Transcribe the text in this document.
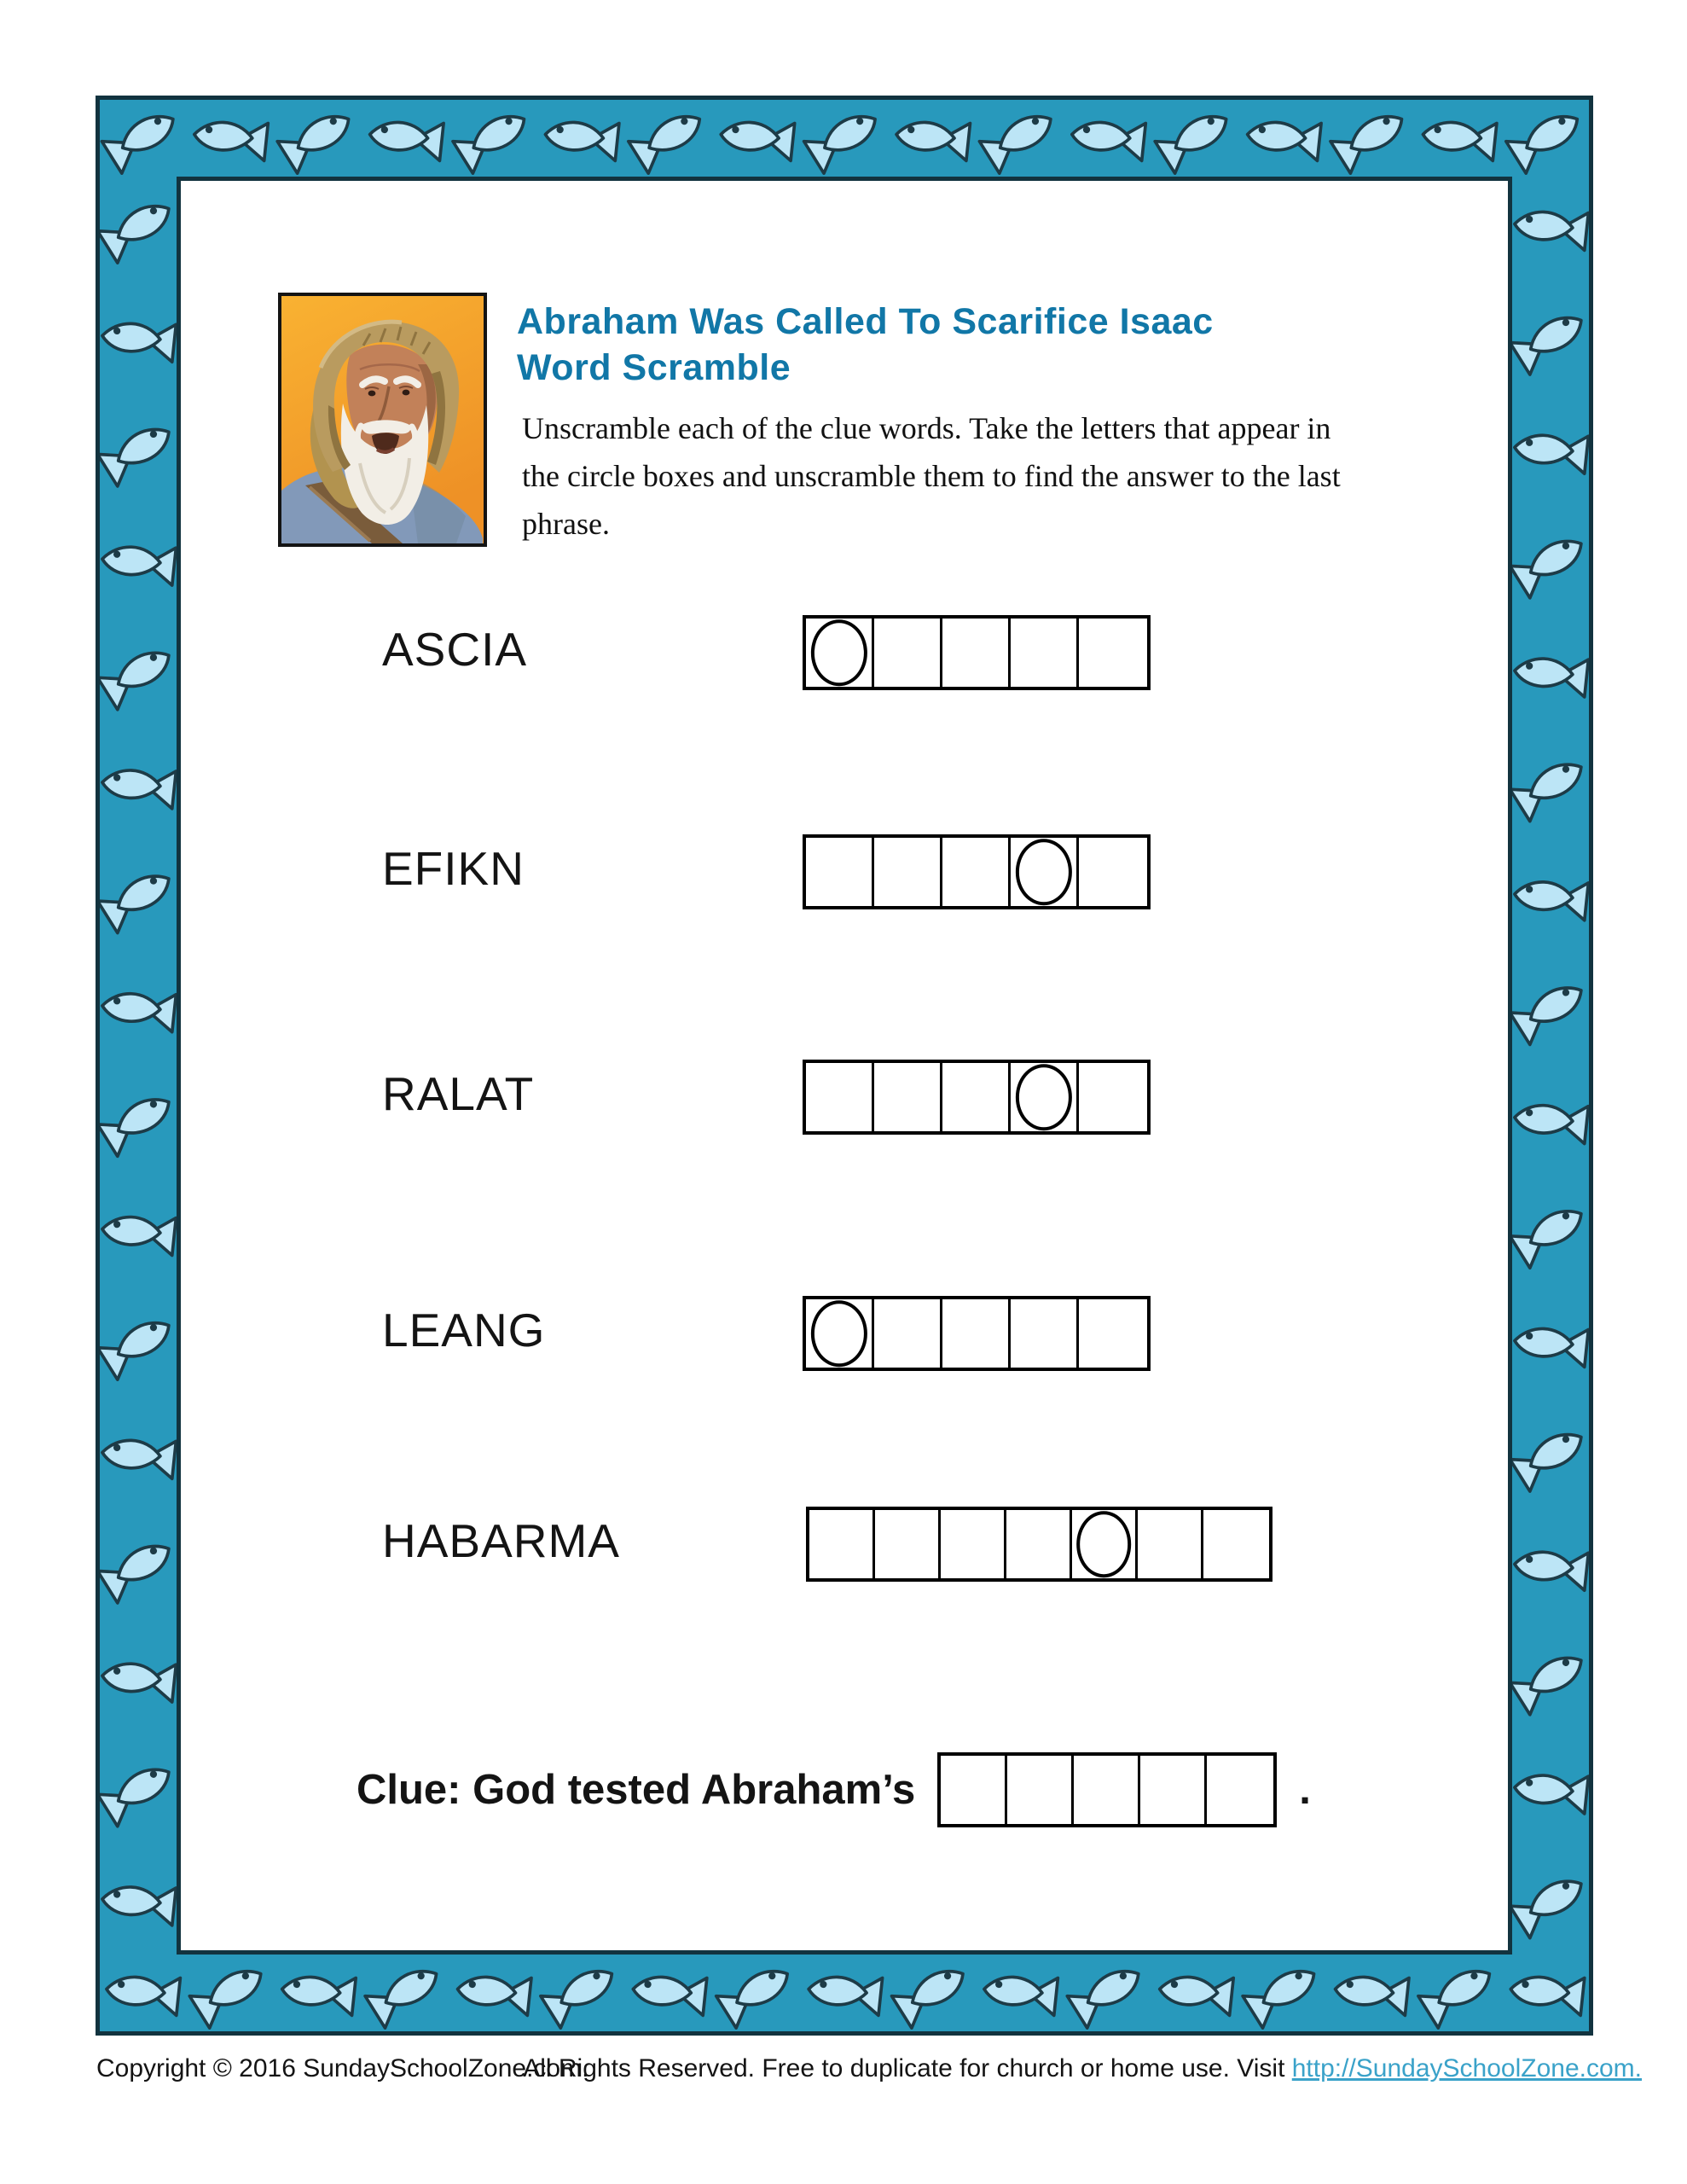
Abraham Was Called To Scarifice Isaac
Word Scramble
Unscramble each of the clue words. Take the letters that appear in the circle boxes and unscramble them to find the answer to the last phrase.
ASCIA
EFIKN
RALAT
LEANG
HABARMA
Clue: God tested Abraham’s	.
Copyright © 2016 SundaySchoolZone.com.
All Rights Reserved. Free to duplicate for church or home use. Visit http://SundaySchoolZone.com.
